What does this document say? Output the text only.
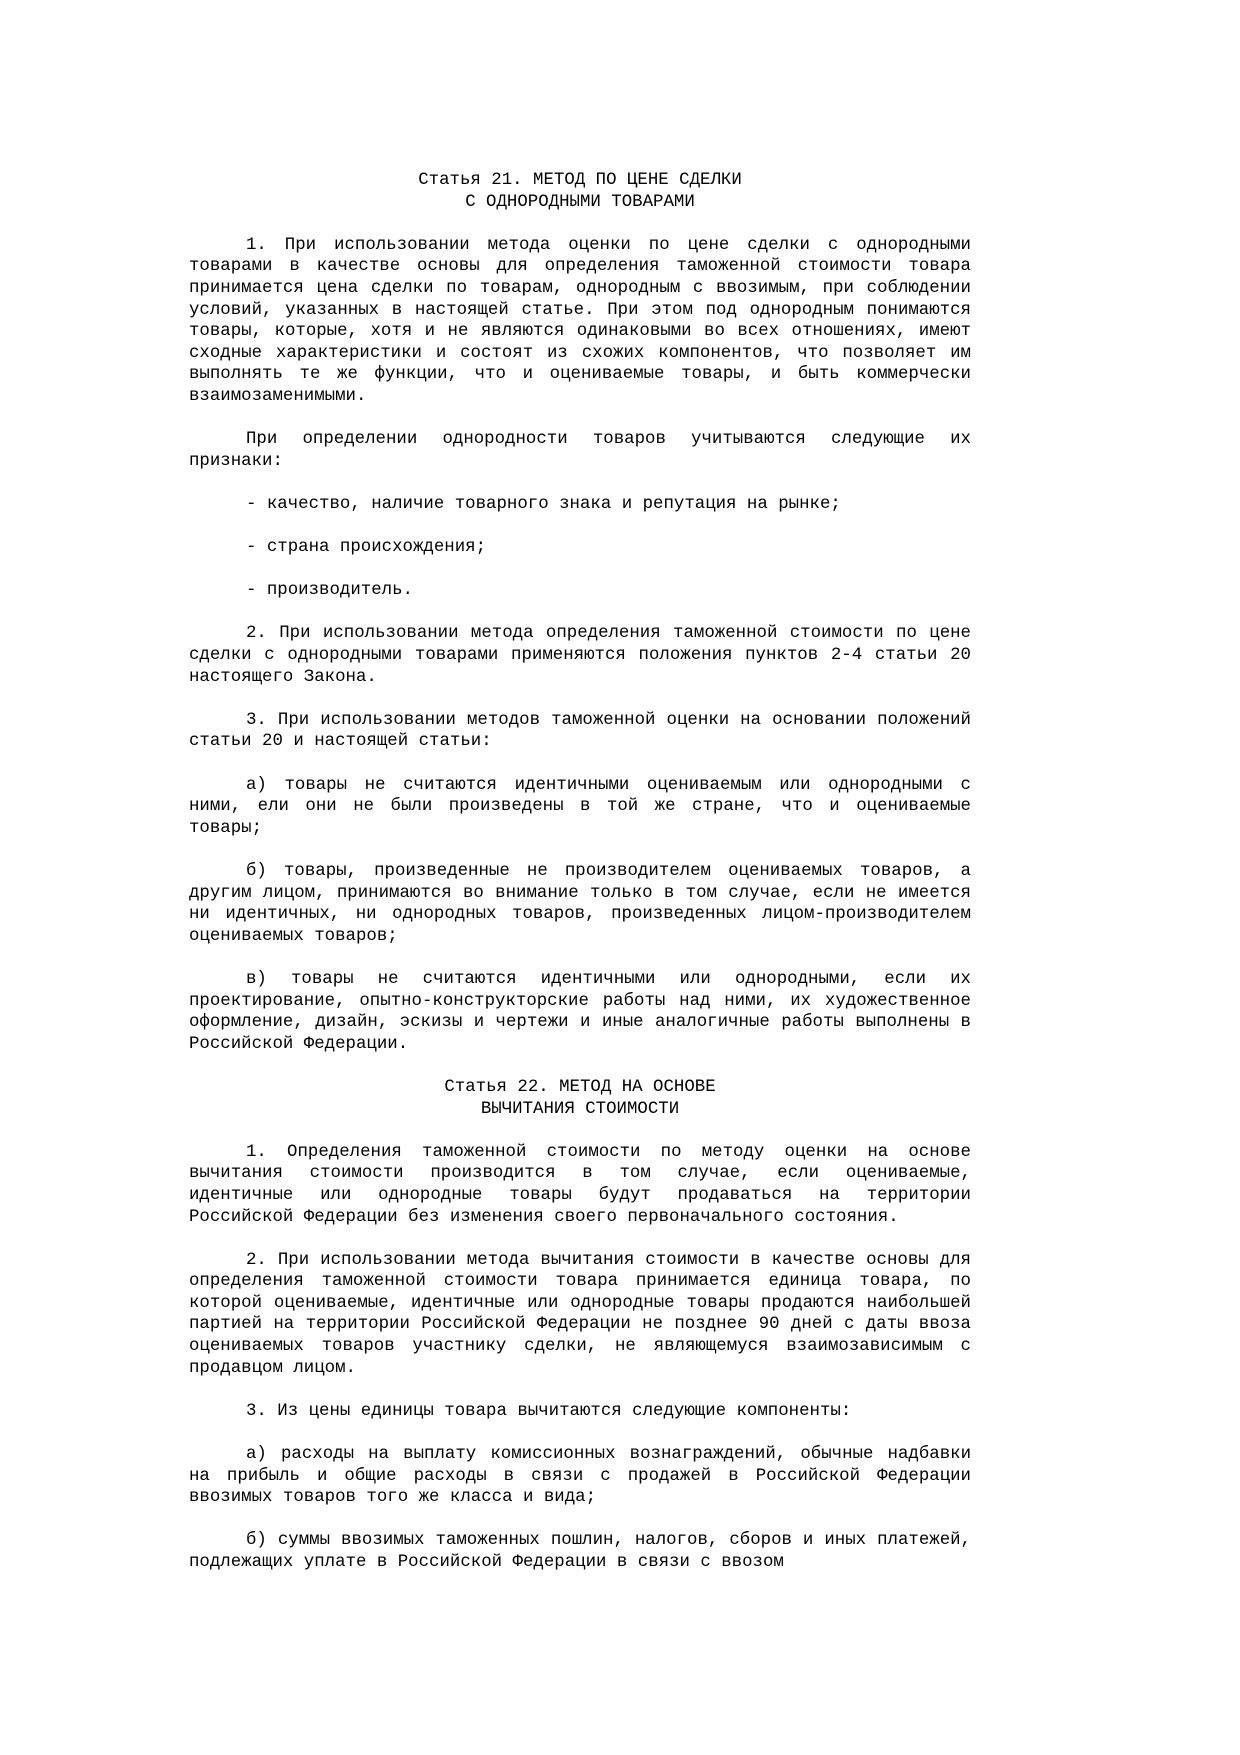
Статья 21. МЕТОД ПО ЦЕНЕ СДЕЛКИ
С ОДНОРОДНЫМИ ТОВАРАМИ

1. При использовании метода оценки по цене сделки с однородными товарами в качестве основы для определения таможенной стоимости товара принимается цена сделки по товарам, однородным с ввозимым, при соблюдении условий, указанных в настоящей статье. При этом под однородным понимаются товары, которые, хотя и не являются одинаковыми во всех отношениях, имеют сходные характеристики и состоят из схожих компонентов, что позволяет им выполнять те же функции, что и оцениваемые товары, и быть коммерчески взаимозаменимыми.

При определении однородности товаров учитываются следующие их признаки:

- качество, наличие товарного знака и репутация на рынке;

- страна происхождения;

- производитель.

2. При использовании метода определения таможенной стоимости по цене сделки с однородными товарами применяются положения пунктов 2-4 статьи 20 настоящего Закона.

3. При использовании методов таможенной оценки на основании положений статьи 20 и настоящей статьи:

а) товары не считаются идентичными оцениваемым или однородными с ними, ели они не были произведены в той же стране, что и оцениваемые товары;

б) товары, произведенные не производителем оцениваемых товаров, а другим лицом, принимаются во внимание только в том случае, если не имеется ни идентичных, ни однородных товаров, произведенных лицом-производителем оцениваемых товаров;

в) товары не считаются идентичными или однородными, если их проектирование, опытно-конструкторские работы над ними, их художественное оформление, дизайн, эскизы и чертежи и иные аналогичные работы выполнены в Российской Федерации.

Статья 22. МЕТОД НА ОСНОВЕ
ВЫЧИТАНИЯ СТОИМОСТИ

1. Определения таможенной стоимости по методу оценки на основе вычитания стоимости производится в том случае, если оцениваемые, идентичные или однородные товары будут продаваться на территории Российской Федерации без изменения своего первоначального состояния.

2. При использовании метода вычитания стоимости в качестве основы для определения таможенной стоимости товара принимается единица товара, по которой оцениваемые, идентичные или однородные товары продаются наибольшей партией на территории Российской Федерации не позднее 90 дней с даты ввоза оцениваемых товаров участнику сделки, не являющемуся взаимозависимым с продавцом лицом.

3. Из цены единицы товара вычитаются следующие компоненты:

а) расходы на выплату комиссионных вознаграждений, обычные надбавки на прибыль и общие расходы в связи с продажей в Российской Федерации ввозимых товаров того же класса и вида;

б) суммы ввозимых таможенных пошлин, налогов, сборов и иных платежей, подлежащих уплате в Российской Федерации в связи с ввозом
